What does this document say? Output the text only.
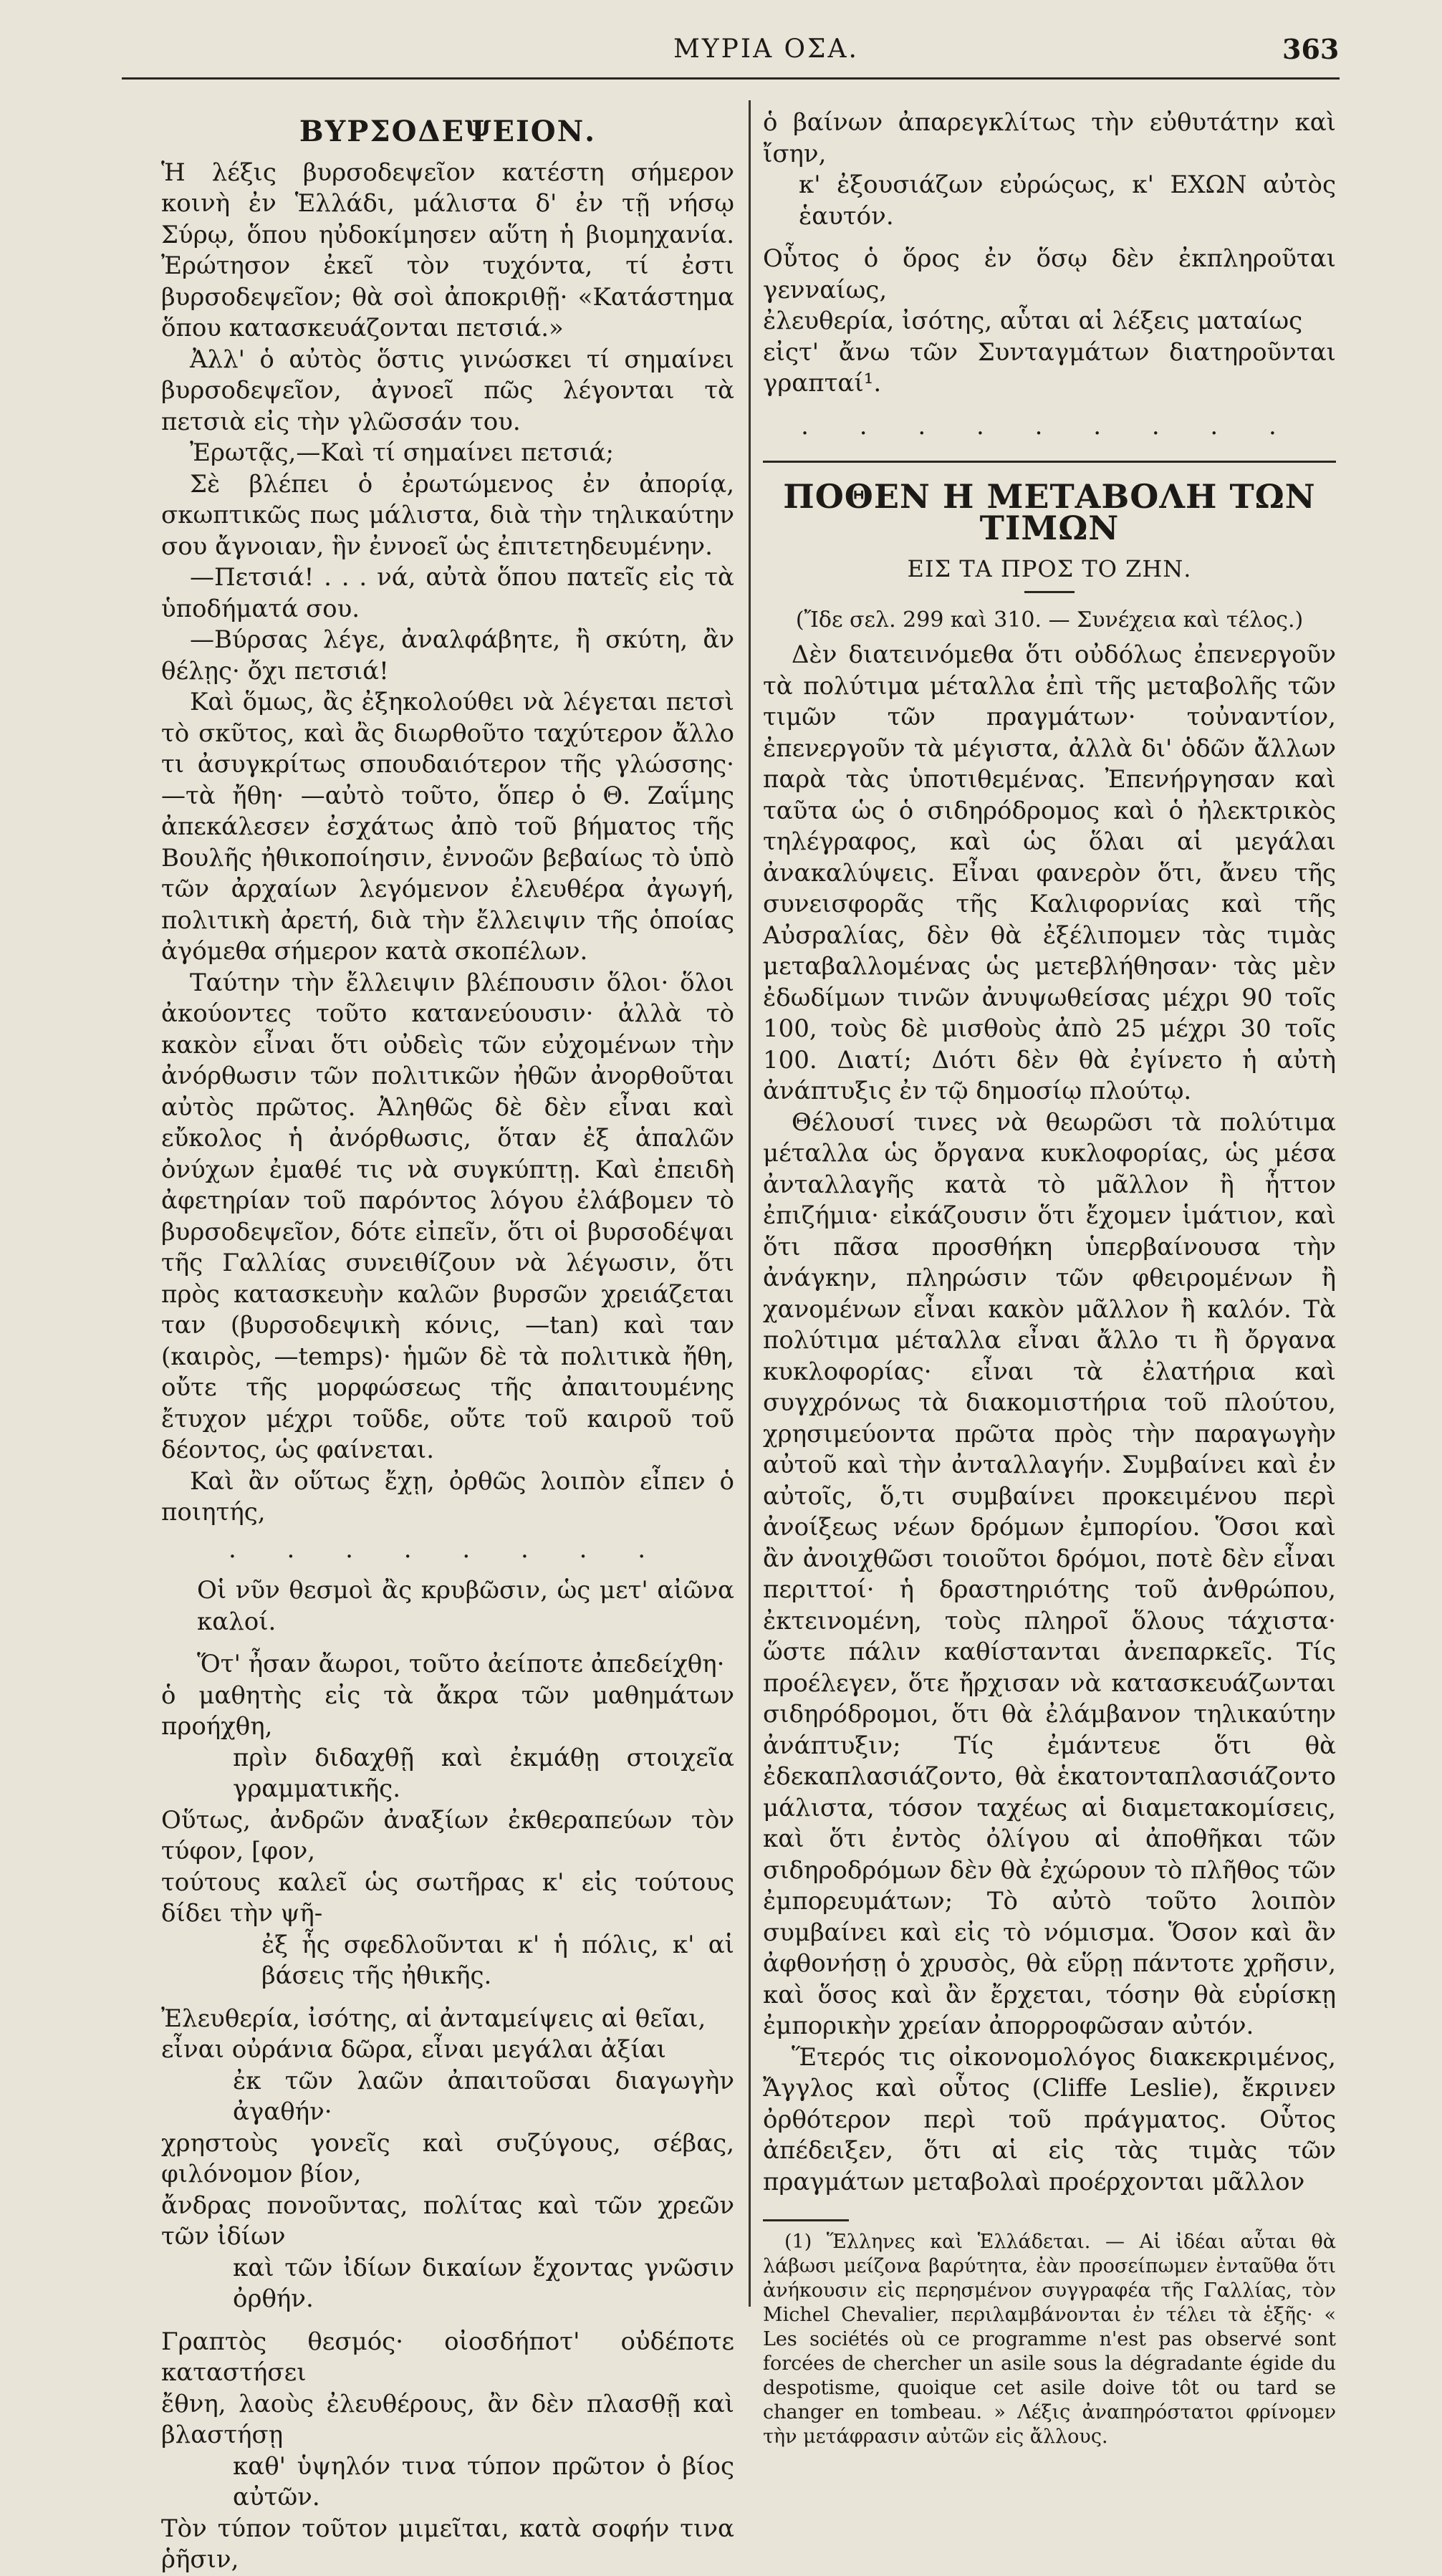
ΜΥΡΙΑ ΟΣΑ.	363
ΒΥΡΣΟΔΕΨΕΙΟΝ.

Ἡ λέξις βυρσοδεψεῖον κατέστη σήμερον κοινὴ ἐν Ἑλλάδι, μάλιστα δ' ἐν τῇ νήσῳ Σύρῳ, ὅπου ηὐδοκίμησεν αὕτη ἡ βιομηχανία. Ἐρώτησον ἐκεῖ τὸν τυχόντα, τί ἐστι βυρσοδεψεῖον; θὰ σοὶ ἀποκριθῇ· «Κατάστημα ὅπου κατασκευάζονται πετσιά.»

Ἀλλ' ὁ αὐτὸς ὅστις γινώσκει τί σημαίνει βυρσοδεψεῖον, ἀγνοεῖ πῶς λέγονται τὰ πετσιὰ εἰς τὴν γλῶσσάν του.

Ἐρωτᾷς,—Καὶ τί σημαίνει πετσιά;

Σὲ βλέπει ὁ ἐρωτώμενος ἐν ἀπορίᾳ, σκωπτικῶς πως μάλιστα, διὰ τὴν τηλικαύτην σου ἄγνοιαν, ἣν ἐννοεῖ ὡς ἐπιτετηδευμένην.

—Πετσιά! . . . νά, αὐτὰ ὅπου πατεῖς εἰς τὰ ὑποδήματά σου.

—Βύρσας λέγε, ἀναλφάβητε, ἢ σκύτη, ἂν θέλῃς· ὄχι πετσιά!

Καὶ ὅμως, ἂς ἐξηκολούθει νὰ λέγεται πετσὶ τὸ σκῦτος, καὶ ἂς διωρθοῦτο ταχύτερον ἄλλο τι ἀσυγκρίτως σπουδαιότερον τῆς γλώσσης· —τὰ ἤθη· —αὐτὸ τοῦτο, ὅπερ ὁ Θ. Ζαΐμης ἀπεκάλεσεν ἐσχάτως ἀπὸ τοῦ βήματος τῆς Βουλῆς ἠθικοποίησιν, ἐννοῶν βεβαίως τὸ ὑπὸ τῶν ἀρχαίων λεγόμενον ἐλευθέρα ἀγωγή, πολιτικὴ ἀρετή, διὰ τὴν ἔλλειψιν τῆς ὁποίας ἀγόμεθα σήμερον κατὰ σκοπέλων.

Ταύτην τὴν ἔλλειψιν βλέπουσιν ὅλοι· ὅλοι ἀκούοντες τοῦτο κατανεύουσιν· ἀλλὰ τὸ κακὸν εἶναι ὅτι οὐδεὶς τῶν εὐχομένων τὴν ἀνόρθωσιν τῶν πολιτικῶν ἠθῶν ἀνορθοῦται αὐτὸς πρῶτος. Ἀληθῶς δὲ δὲν εἶναι καὶ εὔκολος ἡ ἀνόρθωσις, ὅταν ἐξ ἁπαλῶν ὀνύχων ἐμαθέ τις νὰ συγκύπτῃ. Καὶ ἐπειδὴ ἀφετηρίαν τοῦ παρόντος λόγου ἐλάβομεν τὸ βυρσοδεψεῖον, δότε εἰπεῖν, ὅτι οἱ βυρσοδέψαι τῆς Γαλλίας συνειθίζουν νὰ λέγωσιν, ὅτι πρὸς κατασκευὴν καλῶν βυρσῶν χρειάζεται ταν (βυρσοδεψικὴ κόνις, —tan) καὶ ταν (καιρὸς, —temps)· ἡμῶν δὲ τὰ πολιτικὰ ἤθη, οὔτε τῆς μορφώσεως τῆς ἀπαιτουμένης ἔτυχον μέχρι τοῦδε, οὔτε τοῦ καιροῦ τοῦ δέοντος, ὡς φαίνεται.

Καὶ ἂν οὕτως ἔχῃ, ὀρθῶς λοιπὸν εἶπεν ὁ ποιητής,

. . . . . . . .
Οἱ νῦν θεσμοὶ ἂς κρυβῶσιν, ὡς μετ' αἰῶνα καλοί.
Ὅτ' ἦσαν ἄωροι, τοῦτο ἀείποτε ἀπεδείχθη·
ὁ μαθητὴς εἰς τὰ ἄκρα τῶν μαθημάτων προήχθη,
πρὶν διδαχθῇ καὶ ἐκμάθῃ στοιχεῖα γραμματικῆς.
Οὕτως, ἀνδρῶν ἀναξίων ἐκθεραπεύων τὸν τύφον, [φον,
τούτους καλεῖ ὡς σωτῆρας κ' εἰς τούτους δίδει τὴν ψῆ-
ἐξ ἧς σφεδλοῦνται κ' ἡ πόλις, κ' αἱ βάσεις τῆς ἠθικῆς.
Ἐλευθερία, ἰσότης, αἱ ἀνταμείψεις αἱ θεῖαι,
εἶναι οὐράνια δῶρα, εἶναι μεγάλαι ἀξίαι
ἐκ τῶν λαῶν ἀπαιτοῦσαι διαγωγὴν ἀγαθήν·
χρηστοὺς γονεῖς καὶ συζύγους, σέβας, φιλόνομον βίον,
ἄνδρας πονοῦντας, πολίτας καὶ τῶν χρεῶν τῶν ἰδίων
καὶ τῶν ἰδίων δικαίων ἔχοντας γνῶσιν ὀρθήν.
Γραπτὸς θεσμός· οἰοσδήποτ' οὐδέποτε καταστήσει
ἔθνη, λαοὺς ἐλευθέρους, ἂν δὲν πλασθῇ καὶ βλαστήσῃ
καθ' ὑψηλόν τινα τύπον πρῶτον ὁ βίος αὐτῶν.
Τὸν τύπον τοῦτον μιμεῖται, κατὰ σοφήν τινα ῥῆσιν,
ὁ βαίνων ἀπαρεγκλίτως τὴν εὐθυτάτην καὶ ἴσην,
κ' ἐξουσιάζων εὐρώςως, κ' ΕΧΩΝ αὐτὸς ἑαυτόν.
Οὗτος ὁ ὅρος ἐν ὅσῳ δὲν ἐκπληροῦται γενναίως,
ἐλευθερία, ἰσότης, αὗται αἱ λέξεις ματαίως
εἰςτ' ἄνω τῶν Συνταγμάτων διατηροῦνται γραπταί¹.
. . . . . . . . .
ΠΟΘΕΝ Η ΜΕΤΑΒΟΛΗ ΤΩΝ ΤΙΜΩΝ
ΕΙΣ ΤΑ ΠΡΟΣ ΤΟ ΖΗΝ.
(Ἴδε σελ. 299 καὶ 310. — Συνέχεια καὶ τέλος.)

Δὲν διατεινόμεθα ὅτι οὐδόλως ἐπενεργοῦν τὰ πολύτιμα μέταλλα ἐπὶ τῆς μεταβολῆς τῶν τιμῶν τῶν πραγμάτων· τοὐναντίον, ἐπενεργοῦν τὰ μέγιστα, ἀλλὰ δι' ὁδῶν ἄλλων παρὰ τὰς ὑποτιθεμένας. Ἐπενήργησαν καὶ ταῦτα ὡς ὁ σιδηρόδρομος καὶ ὁ ἠλεκτρικὸς τηλέγραφος, καὶ ὡς ὅλαι αἱ μεγάλαι ἀνακαλύψεις. Εἶναι φανερὸν ὅτι, ἄνευ τῆς συνεισφορᾶς τῆς Καλιφορνίας καὶ τῆς Αὐσραλίας, δὲν θὰ ἐξέλιπομεν τὰς τιμὰς μεταβαλλομένας ὡς μετεβλήθησαν· τὰς μὲν ἐδωδίμων τινῶν ἀνυψωθείσας μέχρι 90 τοῖς 100, τοὺς δὲ μισθοὺς ἀπὸ 25 μέχρι 30 τοῖς 100. Διατί; Διότι δὲν θὰ ἐγίνετο ἡ αὐτὴ ἀνάπτυξις ἐν τῷ δημοσίῳ πλούτῳ.

Θέλουσί τινες νὰ θεωρῶσι τὰ πολύτιμα μέταλλα ὡς ὄργανα κυκλοφορίας, ὡς μέσα ἀνταλλαγῆς κατὰ τὸ μᾶλλον ἢ ἧττον ἐπιζήμια· εἰκάζουσιν ὅτι ἔχομεν ἱμάτιον, καὶ ὅτι πᾶσα προσθήκη ὑπερβαίνουσα τὴν ἀνάγκην, πληρώσιν τῶν φθειρομένων ἢ χανομένων εἶναι κακὸν μᾶλλον ἢ καλόν. Τὰ πολύτιμα μέταλλα εἶναι ἄλλο τι ἢ ὄργανα κυκλοφορίας· εἶναι τὰ ἐλατήρια καὶ συγχρόνως τὰ διακομιστήρια τοῦ πλούτου, χρησιμεύοντα πρῶτα πρὸς τὴν παραγωγὴν αὐτοῦ καὶ τὴν ἀνταλλαγήν. Συμβαίνει καὶ ἐν αὐτοῖς, ὅ,τι συμβαίνει προκειμένου περὶ ἀνοίξεως νέων δρόμων ἐμπορίου. Ὅσοι καὶ ἂν ἀνοιχθῶσι τοιοῦτοι δρόμοι, ποτὲ δὲν εἶναι περιττοί· ἡ δραστηριότης τοῦ ἀνθρώπου, ἐκτεινομένη, τοὺς πληροῖ ὅλους τάχιστα· ὥστε πάλιν καθίστανται ἀνεπαρκεῖς. Τίς προέλεγεν, ὅτε ἤρχισαν νὰ κατασκευάζωνται σιδηρόδρομοι, ὅτι θὰ ἐλάμβανον τηλικαύτην ἀνάπτυξιν; Τίς ἐμάντευε ὅτι θὰ ἐδεκαπλασιάζοντο, θὰ ἑκατονταπλασιάζοντο μάλιστα, τόσον ταχέως αἱ διαμετακομίσεις, καὶ ὅτι ἐντὸς ὀλίγου αἱ ἀποθῆκαι τῶν σιδηροδρόμων δὲν θὰ ἐχώρουν τὸ πλῆθος τῶν ἐμπορευμάτων; Τὸ αὐτὸ τοῦτο λοιπὸν συμβαίνει καὶ εἰς τὸ νόμισμα. Ὅσον καὶ ἂν ἀφθονήσῃ ὁ χρυσὸς, θὰ εὕρῃ πάντοτε χρῆσιν, καὶ ὅσος καὶ ἂν ἔρχεται, τόσην θὰ εὑρίσκῃ ἐμπορικὴν χρείαν ἀπορροφῶσαν αὐτόν.

Ἕτερός τις οἰκονομολόγος διακεκριμένος, Ἄγγλος καὶ οὗτος (Cliffe Leslie), ἔκρινεν ὀρθότερον περὶ τοῦ πράγματος. Οὗτος ἀπέδειξεν, ὅτι αἱ εἰς τὰς τιμὰς τῶν πραγμάτων μεταβολαὶ προέρχονται μᾶλλον

(1) Ἕλληνες καὶ Ἑλλάδεται. — Αἱ ἰδέαι αὗται θὰ λάβωσι μείζονα βαρύτητα, ἐὰν προσείπωμεν ἐνταῦθα ὅτι ἀνήκουσιν εἰς περησμένον συγγραφέα τῆς Γαλλίας, τὸν Michel Chevalier, περιλαμβάνονται ἐν τέλει τὰ ἑξῆς· « Les sociétés où ce programme n'est pas observé sont forcées de chercher un asile sous la dégradante égide du despotisme, quoique cet asile doive tôt ou tard se changer en tombeau. » Λέξις ἀναπηρόστατοι φρίνομεν τὴν μετάφρασιν αὐτῶν εἰς ἄλλους.
